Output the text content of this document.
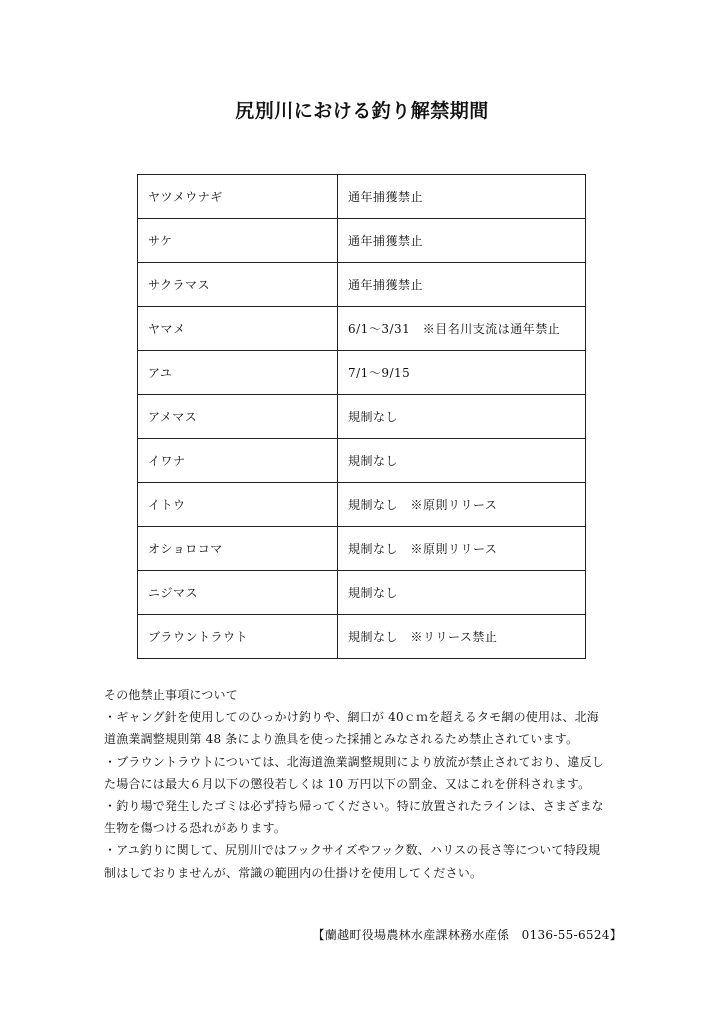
尻別川における釣り解禁期間
ヤツメウナギ	通年捕獲禁止
サケ	通年捕獲禁止
サクラマス	通年捕獲禁止
ヤマメ	6/1～3/31　※目名川支流は通年禁止
アユ	7/1～9/15
アメマス	規制なし
イワナ	規制なし
イトウ	規制なし　※原則リリース
オショロコマ	規制なし　※原則リリース
ニジマス	規制なし
ブラウントラウト	規制なし　※リリース禁止

その他禁止事項について

・ギャング針を使用してのひっかけ釣りや、網口が 40ｃｍを超えるタモ網の使用は、北海

道漁業調整規則第 48 条により漁具を使った採捕とみなされるため禁止されています。

・ブラウントラウトについては、北海道漁業調整規則により放流が禁止されており、違反し

た場合には最大６月以下の懲役若しくは 10 万円以下の罰金、又はこれを併科されます。

・釣り場で発生したゴミは必ず持ち帰ってください。特に放置されたラインは、さまざまな

生物を傷つける恐れがあります。

・アユ釣りに関して、尻別川ではフックサイズやフック数、ハリスの長さ等について特段規

制はしておりませんが、常識の範囲内の仕掛けを使用してください。

【蘭越町役場農林水産課林務水産係　0136-55-6524】
